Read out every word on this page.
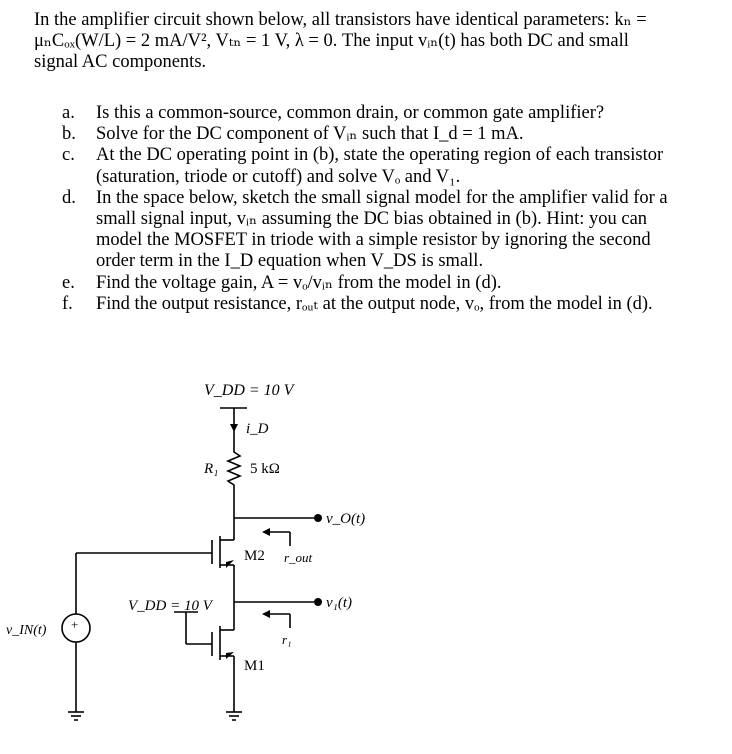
In the amplifier circuit shown below, all transistors have identical parameters: kₙ =
μₙCₒₓ(W/L) = 2 mA/V², Vₜₙ = 1 V, λ = 0. The input vᵢₙ(t) has both DC and small
signal AC components.
a. Is this a common-source, common drain, or common gate amplifier?
b. Solve for the DC component of Vᵢₙ such that I_d = 1 mA.
c. At the DC operating point in (b), state the operating region of each transistor
(saturation, triode or cutoff) and solve Vₒ and V₁.
d. In the space below, sketch the small signal model for the amplifier valid for a
small signal input, vᵢₙ assuming the DC bias obtained in (b). Hint: you can
model the MOSFET in triode with a simple resistor by ignoring the second
order term in the I_D equation when V_DS is small.
e. Find the voltage gain, A = vₒ/vᵢₙ from the model in (d).
f. Find the output resistance, rₒᵤₜ at the output node, vₒ, from the model in (d).
V_DD = 10 V
i_D
R₁ 5 kΩ
v_O(t)
M2 r_out
V_DD = 10 V	v₁(t)
r₁
M1
v_IN(t) +
